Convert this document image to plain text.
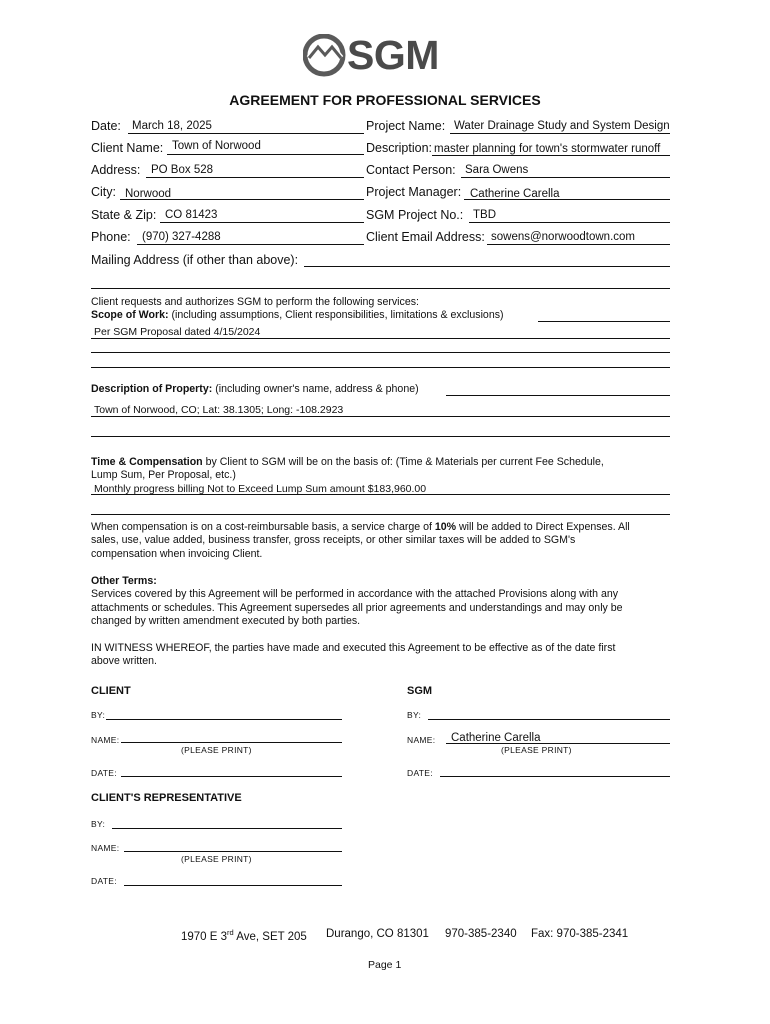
SGM
AGREEMENT FOR PROFESSIONAL SERVICES
Date: March 18, 2025	Project Name: Water Drainage Study and System Design
Client Name: Town of Norwood	Description: master planning for town's stormwater runoff
Address: PO Box 528	Contact Person: Sara Owens
City: Norwood	Project Manager: Catherine Carella
State & Zip: CO 81423	SGM Project No.: TBD
Phone: (970) 327-4288	Client Email Address: sowens@norwoodtown.com
Mailing Address (if other than above):
Client requests and authorizes SGM to perform the following services:
Scope of Work: (including assumptions, Client responsibilities, limitations & exclusions)
Per SGM Proposal dated 4/15/2024
Description of Property: (including owner's name, address & phone)
Town of Norwood, CO; Lat: 38.1305; Long: -108.2923
Time & Compensation by Client to SGM will be on the basis of: (Time & Materials per current Fee Schedule,
Lump Sum, Per Proposal, etc.)
Monthly progress billing Not to Exceed Lump Sum amount $183,960.00
When compensation is on a cost-reimbursable basis, a service charge of 10% will be added to Direct Expenses. All
sales, use, value added, business transfer, gross receipts, or other similar taxes will be added to SGM's
compensation when invoicing Client.
Other Terms:
Services covered by this Agreement will be performed in accordance with the attached Provisions along with any
attachments or schedules. This Agreement supersedes all prior agreements and understandings and may only be
changed by written amendment executed by both parties.
IN WITNESS WHEREOF, the parties have made and executed this Agreement to be effective as of the date first
above written.
CLIENT	SGM
BY:	BY:
NAME:
(PLEASE PRINT)
NAME: Catherine Carella
(PLEASE PRINT)
DATE:	DATE:
CLIENT'S REPRESENTATIVE
BY:
NAME:
(PLEASE PRINT)
DATE:
1970 E 3rd Ave, SET 205 Durango, CO 81301 970-385-2340 Fax: 970-385-2341
Page 1
